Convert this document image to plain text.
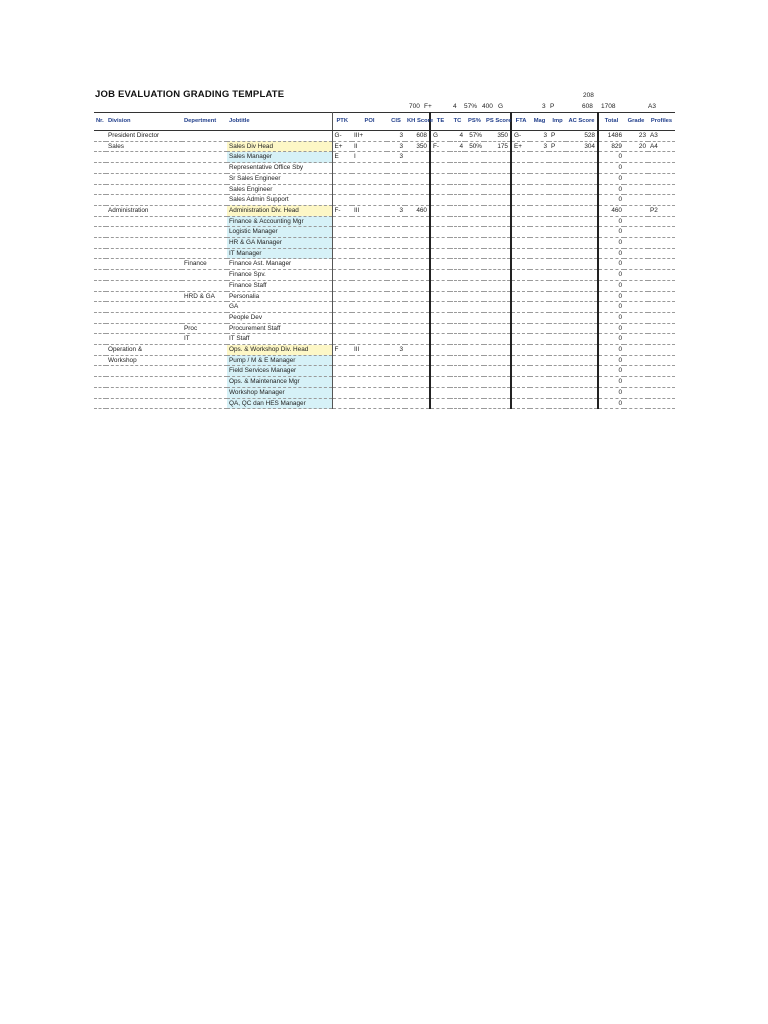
JOB EVALUATION GRADING TEMPLATE	208
700 F+	4 57% 400 G	3 P	608 1708	A3
Nr.	Division	Depertment	Jobtitle	PTK	POI	CIS	KH Score	TE	TC	PS%	PS Score	FTA	Mag	Imp	AC Score	Total	Grade	Profiles
	President Director			G-	III+	3	608	G	4	57%	350	G-	3	P	528	1486	23	A3
	Sales		Sales Div Head	E+	II	3	350	F-	4	50%	175	E+	3	P	304	829	20	A4
			Sales Manager	E	I	3										0		
			Representative Office Sby													0		
			Sr Sales Engineer													0		
			Sales Engineer													0		
			Sales Admin Support													0		
	Administration		Administration Div. Head	F-	III	3	460									460		P2
			Finance & Accounting Mgr													0		
			Logistic Manager													0		
			HR & GA Manager													0		
			IT Manager													0		
		Finance	Finance Ast. Manager													0		
			Finance Spv.													0		
			Finance Staff													0		
		HRD & GA	Personalia													0		
			GA													0		
			People Dev													0		
		Proc	Procurement Staff													0		
		IT	IT Staff													0		
	Operation &		Ops. & Workshop Div. Head	F	III	3										0		
	Workshop		Pump / M & E Manager													0		
			Field Services Manager													0		
			Ops. & Maintenance Mgr													0		
			Workshop Manager													0		
			QA, QC dan HES Manager													0		
